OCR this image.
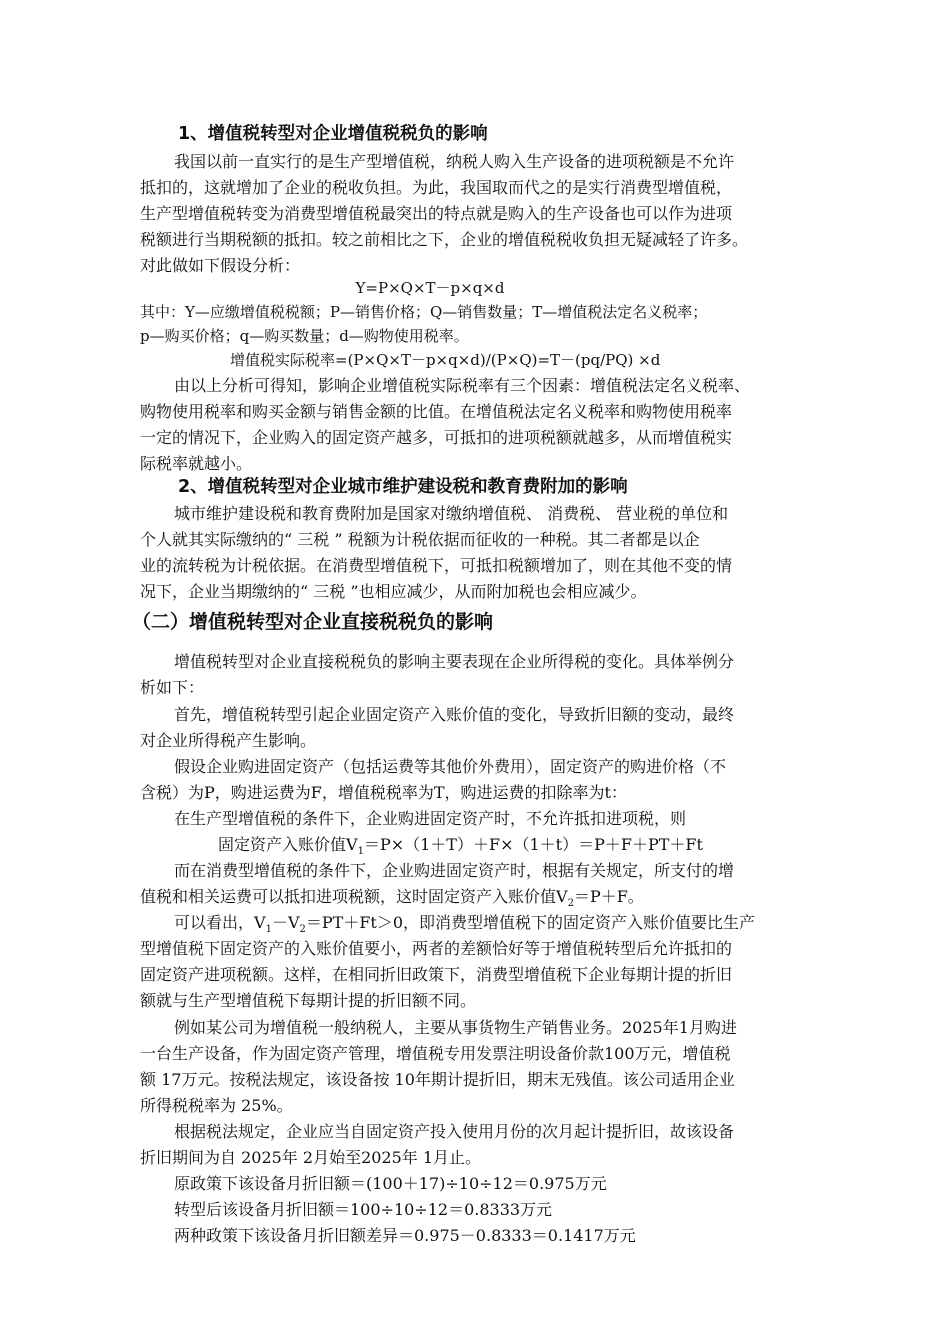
1、增值税转型对企业增值税税负的影响
我国以前一直实行的是生产型增值税，纳税人购入生产设备的进项税额是不允许
抵扣的，这就增加了企业的税收负担。为此，我国取而代之的是实行消费型增值税，
生产型增值税转变为消费型增值税最突出的特点就是购入的生产设备也可以作为进项
税额进行当期税额的抵扣。较之前相比之下，企业的增值税税收负担无疑减轻了许多。
对此做如下假设分析：
Y=P×Q×T－p×q×d
其中：Y—应缴增值税税额；P—销售价格；Q—销售数量；T—增值税法定名义税率；
p—购买价格；q—购买数量；d—购物使用税率。
增值税实际税率=(P×Q×T－p×q×d)/(P×Q)=T－(pq/PQ) ×d
由以上分析可得知，影响企业增值税实际税率有三个因素：增值税法定名义税率、
购物使用税率和购买金额与销售金额的比值。在增值税法定名义税率和购物使用税率
一定的情况下，企业购入的固定资产越多，可抵扣的进项税额就越多，从而增值税实
际税率就越小。
2、增值税转型对企业城市维护建设税和教育费附加的影响
城市维护建设税和教育费附加是国家对缴纳增值税、 消费税、 营业税的单位和
个人就其实际缴纳的“ 三税 ” 税额为计税依据而征收的一种税。其二者都是以企
业的流转税为计税依据。在消费型增值税下，可抵扣税额增加了，则在其他不变的情
况下，企业当期缴纳的“ 三税 ”也相应减少，从而附加税也会相应减少。
（二）增值税转型对企业直接税税负的影响
增值税转型对企业直接税税负的影响主要表现在企业所得税的变化。具体举例分
析如下：
首先，增值税转型引起企业固定资产入账价值的变化，导致折旧额的变动，最终
对企业所得税产生影响。
假设企业购进固定资产（包括运费等其他价外费用），固定资产的购进价格（不
含税）为P，购进运费为F，增值税税率为T，购进运费的扣除率为t：
在生产型增值税的条件下，企业购进固定资产时，不允许抵扣进项税，则
固定资产入账价值$V_1=P\times(1+T)+F\times(1+t)=P+F+PT+Ft$
而在消费型增值税的条件下，企业购进固定资产时，根据有关规定，所支付的增
值税和相关运费可以抵扣进项税额，这时固定资产入账价值$V_2=P+F$。
可以看出，$V_1-V_2=PT+Ft>0$，即消费型增值税下的固定资产入账价值要比生产
型增值税下固定资产的入账价值要小，两者的差额恰好等于增值税转型后允许抵扣的
固定资产进项税额。这样，在相同折旧政策下，消费型增值税下企业每期计提的折旧
额就与生产型增值税下每期计提的折旧额不同。
例如某公司为增值税一般纳税人，主要从事货物生产销售业务。2025年1月购进
一台生产设备，作为固定资产管理，增值税专用发票注明设备价款100万元，增值税
额 17万元。按税法规定，该设备按 10年期计提折旧，期末无残值。该公司适用企业
所得税税率为 25%。
根据税法规定，企业应当自固定资产投入使用月份的次月起计提折旧，故该设备
折旧期间为自 2025年 2月始至2025年 1月止。
原政策下该设备月折旧额＝(100＋17)÷10÷12＝0.975万元
转型后该设备月折旧额＝100÷10÷12＝0.8333万元
两种政策下该设备月折旧额差异＝0.975－0.8333＝0.1417万元
